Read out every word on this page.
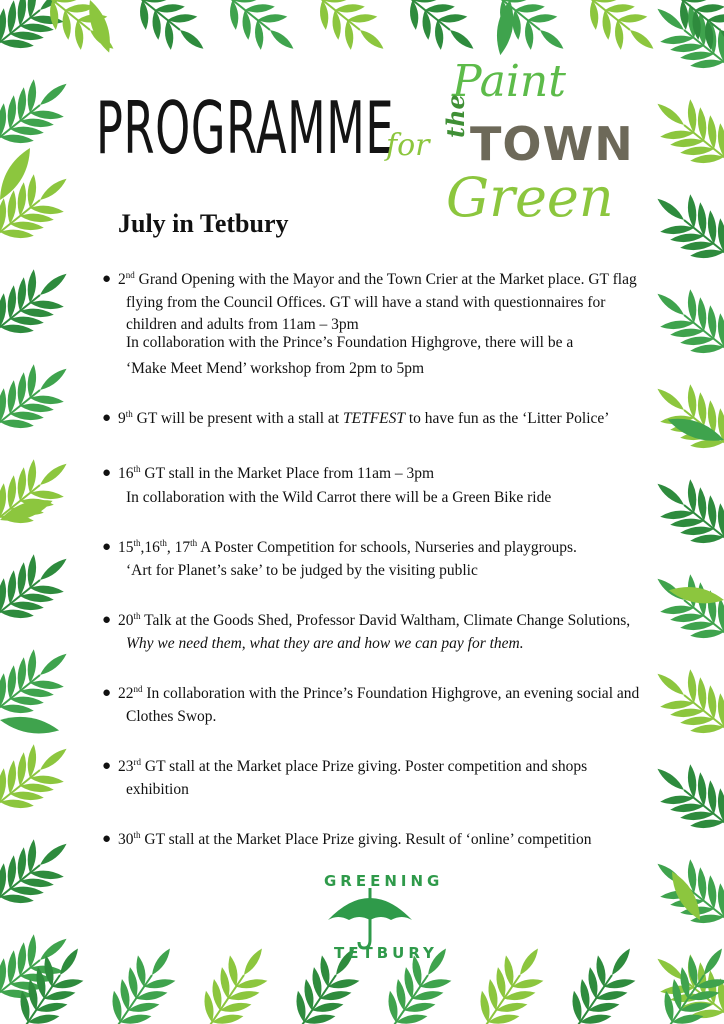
PROGRAMME
for
Paint
the
TOWN
Green
July in Tetbury
● 2nd Grand Opening with the Mayor and the Town Crier at the Market place. GT flag
flying from the Council Offices. GT will have a stand with questionnaires for
children and adults from 11am – 3pm
In collaboration with the Prince’s Foundation Highgrove, there will be a
‘Make Meet Mend’ workshop from 2pm to 5pm
● 9th GT will be present with a stall at TETFEST to have fun as the ‘Litter Police’
● 16th GT stall in the Market Place from 11am – 3pm
In collaboration with the Wild Carrot there will be a Green Bike ride
● 15th,16th, 17th A Poster Competition for schools, Nurseries and playgroups.
‘Art for Planet’s sake’ to be judged by the visiting public
● 20th Talk at the Goods Shed, Professor David Waltham, Climate Change Solutions,
Why we need them, what they are and how we can pay for them.
● 22nd In collaboration with the Prince’s Foundation Highgrove, an evening social and
Clothes Swop.
● 23rd GT stall at the Market place Prize giving. Poster competition and shops
exhibition
● 30th GT stall at the Market Place Prize giving. Result of ‘online’ competition
GREENING
TETBURY
